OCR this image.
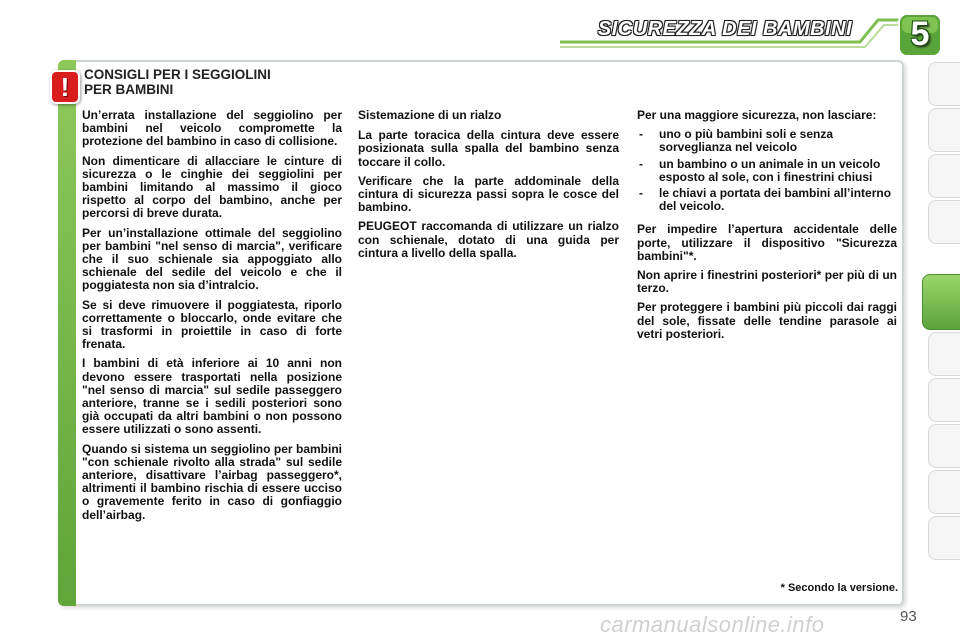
SICUREZZA DEI BAMBINI	5
! CONSIGLI PER I SEGGIOLINI
PER BAMBINI

Un’errata installazione del seggiolino per bambini nel veicolo compromette la protezione del bambino in caso di collisione.

Non dimenticare di allacciare le cinture di sicurezza o le cinghie dei seggiolini per bambini limitando al massimo il gioco rispetto al corpo del bambino, anche per percorsi di breve durata.

Per un’installazione ottimale del seggiolino per bambini "nel senso di marcia", verificare che il suo schienale sia appoggiato allo schienale del sedile del veicolo e che il poggiatesta non sia d’intralcio.

Se si deve rimuovere il poggiatesta, riporlo correttamente o bloccarlo, onde evitare che si trasformi in proiettile in caso di forte frenata.

I bambini di età inferiore ai 10 anni non devono essere trasportati nella posizione "nel senso di marcia" sul sedile passeggero anteriore, tranne se i sedili posteriori sono già occupati da altri bambini o non possono essere utilizzati o sono assenti.

Quando si sistema un seggiolino per bambini "con schienale rivolto alla strada" sul sedile anteriore, disattivare l’airbag passeggero*, altrimenti il bambino rischia di essere ucciso o gravemente ferito in caso di gonfiaggio dell’airbag.

Sistemazione di un rialzo

La parte toracica della cintura deve essere posizionata sulla spalla del bambino senza toccare il collo.

Verificare che la parte addominale della cintura di sicurezza passi sopra le cosce del bambino.

PEUGEOT raccomanda di utilizzare un rialzo con schienale, dotato di una guida per cintura a livello della spalla.

Per una maggiore sicurezza, non lasciare:

- uno o più bambini soli e senza sorveglianza nel veicolo
- un bambino o un animale in un veicolo esposto al sole, con i finestrini chiusi
- le chiavi a portata dei bambini all’interno del veicolo.

Per impedire l’apertura accidentale delle porte, utilizzare il dispositivo "Sicurezza bambini"*.

Non aprire i finestrini posteriori* per più di un terzo.

Per proteggere i bambini più piccoli dai raggi del sole, fissate delle tendine parasole ai vetri posteriori.

* Secondo la versione.
93
carmanualsonline.info
